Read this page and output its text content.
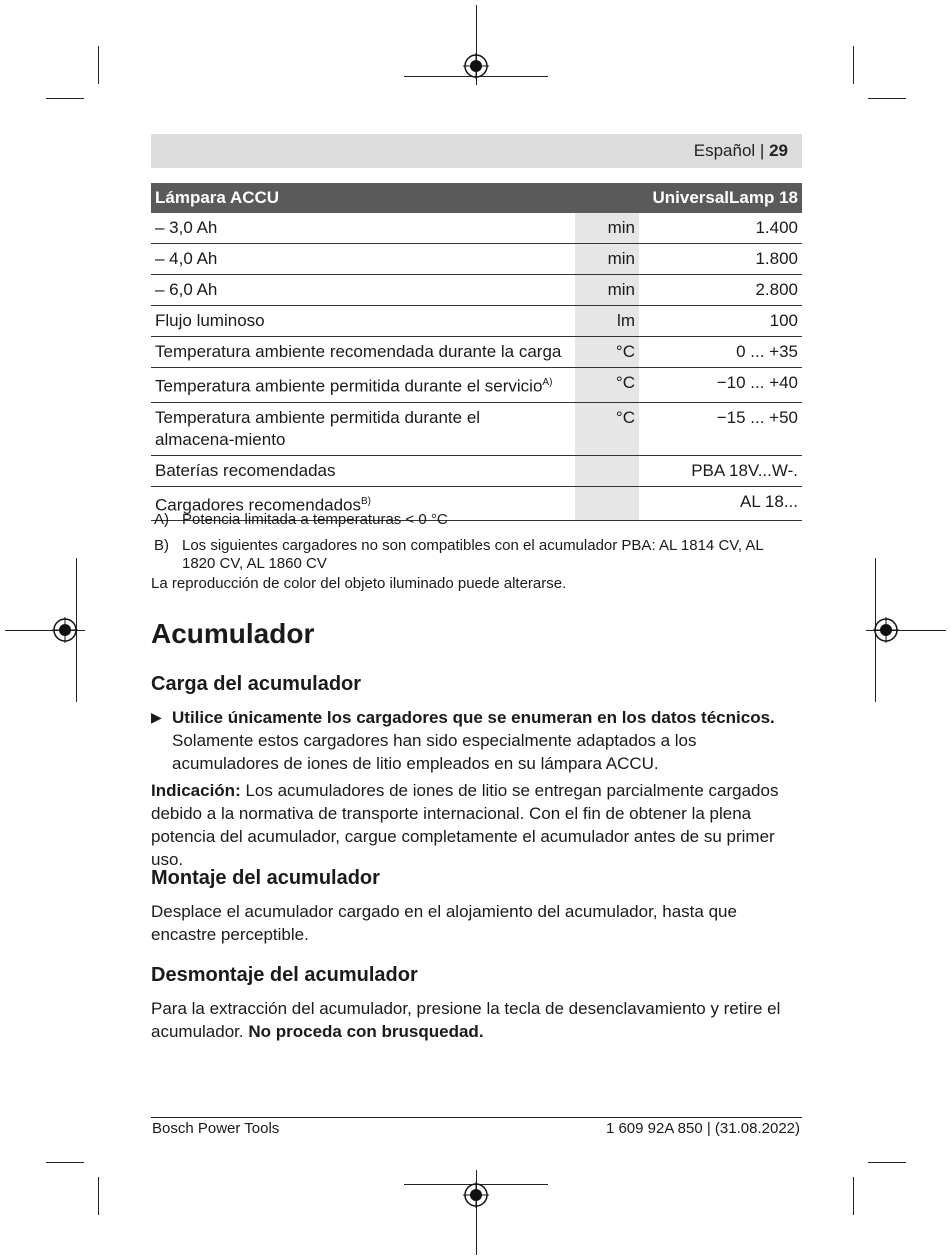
Español | 29
Lámpara ACCU		UniversalLamp 18
– 3,0 Ah	min	1.400
– 4,0 Ah	min	1.800
– 6,0 Ah	min	2.800
Flujo luminoso	lm	100
Temperatura ambiente recomendada durante la carga	°C	0 ... +35
Temperatura ambiente permitida durante el servicio$^{A)}$	°C	−10 ... +40
Temperatura ambiente permitida durante el almacena-miento	°C	−15 ... +50
Baterías recomendadas		PBA 18V...W-.
Cargadores recomendados$^{B)}$		AL 18...
A) Potencia limitada a temperaturas < 0 °C
B) Los siguientes cargadores no son compatibles con el acumulador PBA: AL 1814 CV, AL 1820 CV, AL 1860 CV
La reproducción de color del objeto iluminado puede alterarse.
Acumulador
Carga del acumulador
▶ Utilice únicamente los cargadores que se enumeran en los datos técnicos. Solamente estos cargadores han sido especialmente adaptados a los acumuladores de iones de litio empleados en su lámpara ACCU.

Indicación: Los acumuladores de iones de litio se entregan parcialmente cargados debido a la normativa de transporte internacional. Con el fin de obtener la plena potencia del acumulador, cargue completamente el acumulador antes de su primer uso.

Montaje del acumulador

Desplace el acumulador cargado en el alojamiento del acumulador, hasta que encastre perceptible.

Desmontaje del acumulador

Para la extracción del acumulador, presione la tecla de desenclavamiento y retire el acumulador. No proceda con brusquedad.

Bosch Power Tools	1 609 92A 850 | (31.08.2022)
